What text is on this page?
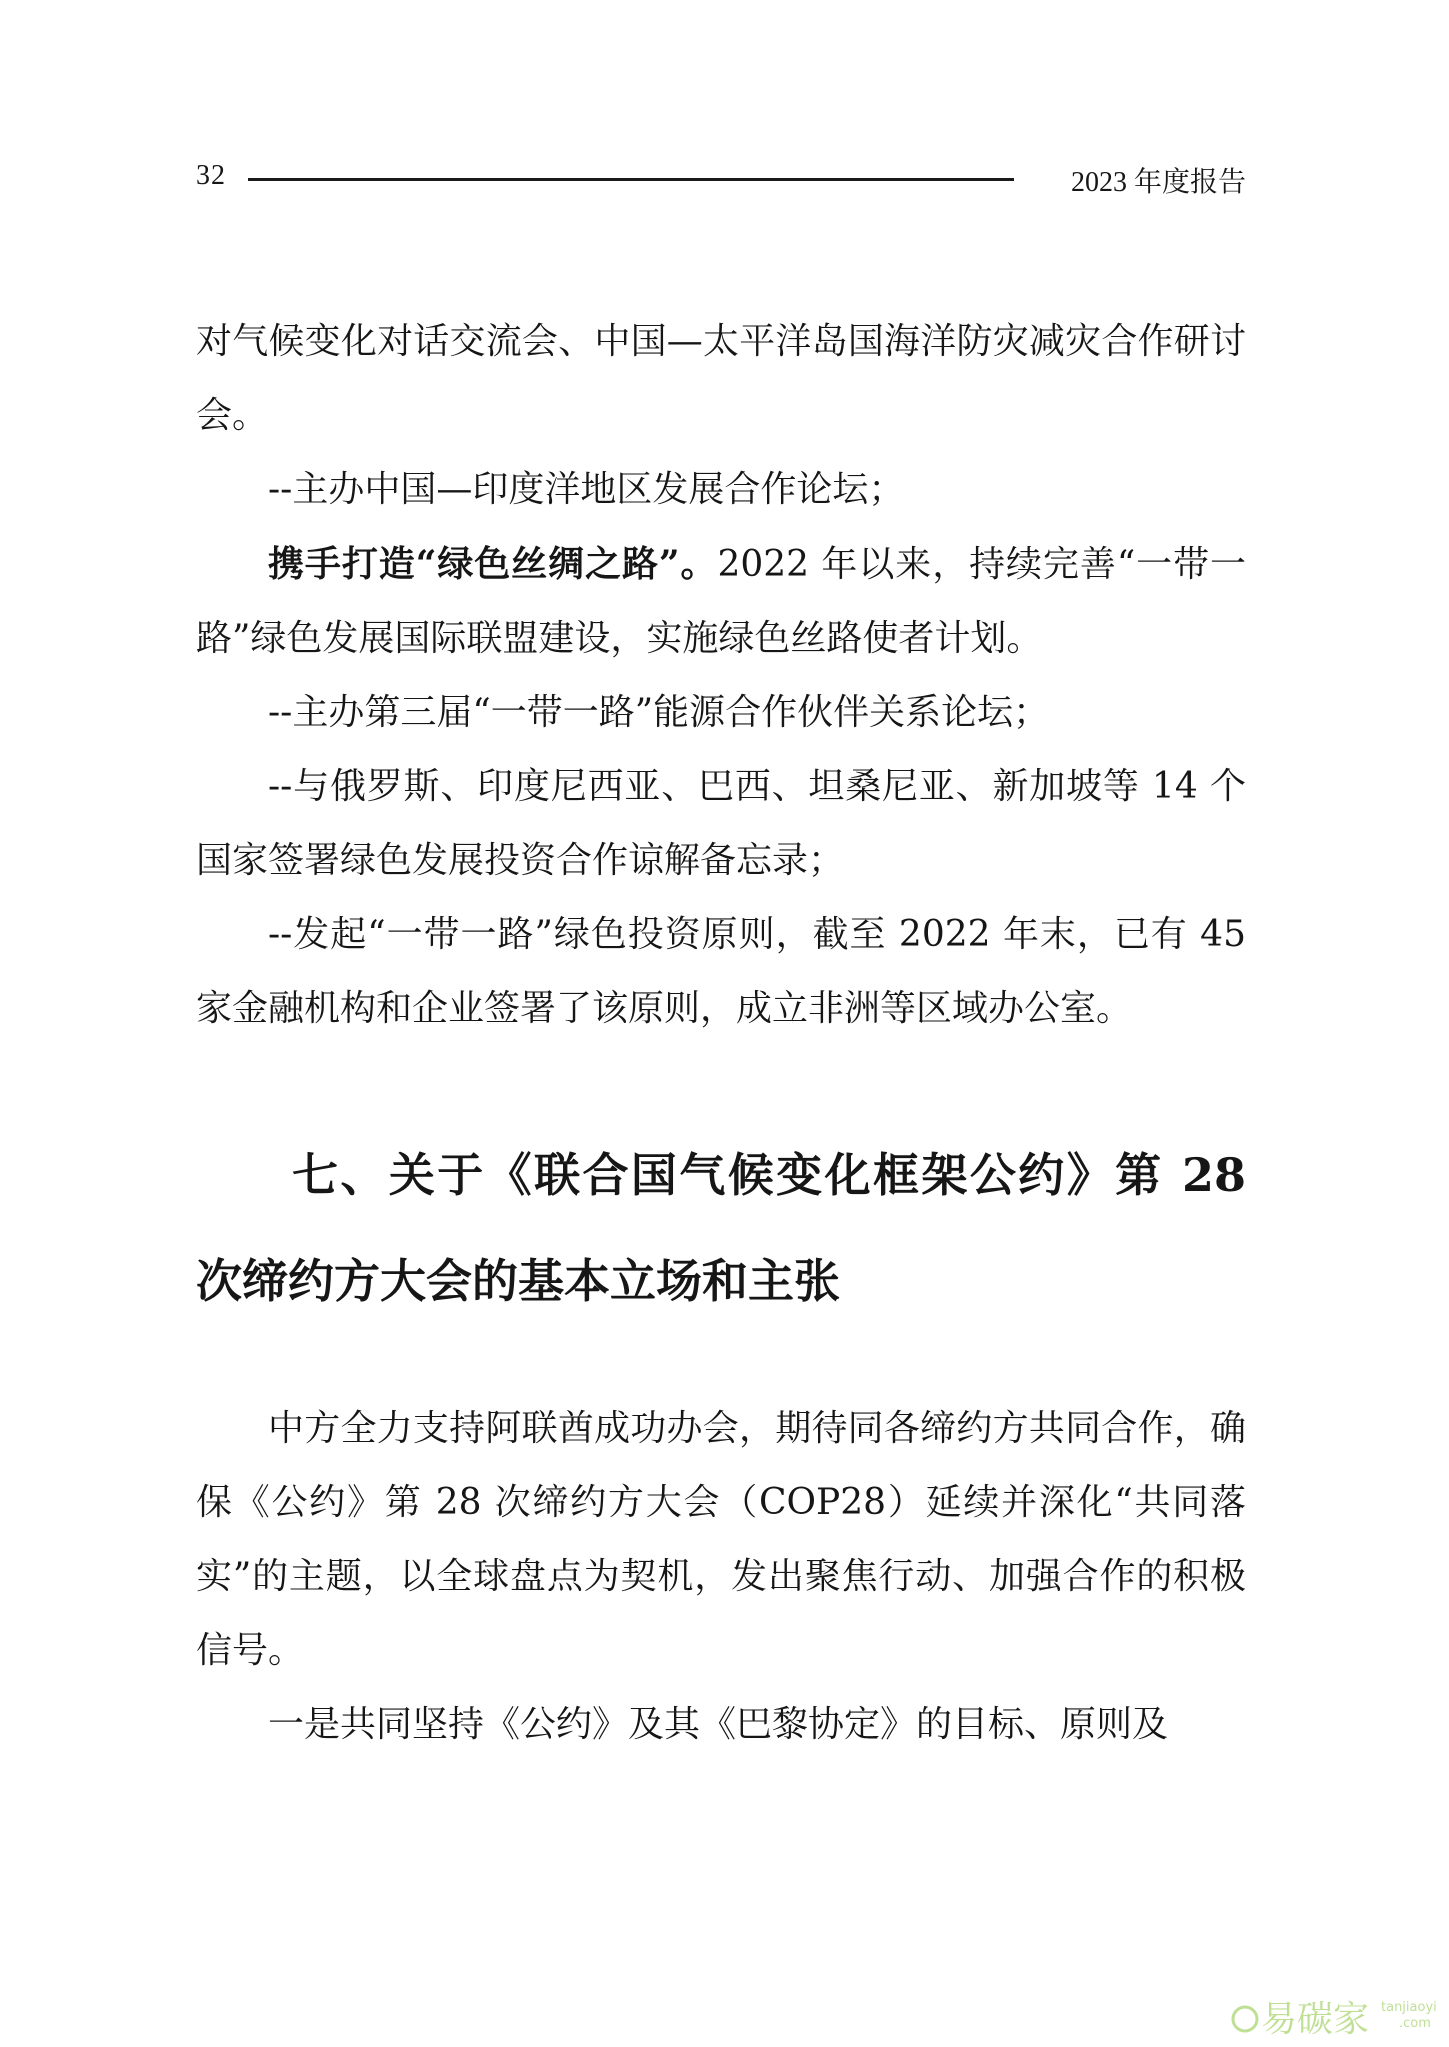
32	2023 年度报告

对气候变化对话交流会、中国—太平洋岛国海洋防灾减灾合作研讨会。

--主办中国—印度洋地区发展合作论坛；

携手打造“绿色丝绸之路”。2022 年以来，持续完善“一带一路”绿色发展国际联盟建设，实施绿色丝路使者计划。

--主办第三届“一带一路”能源合作伙伴关系论坛；

--与俄罗斯、印度尼西亚、巴西、坦桑尼亚、新加坡等 14 个国家签署绿色发展投资合作谅解备忘录；

--发起“一带一路”绿色投资原则，截至 2022 年末，已有 45 家金融机构和企业签署了该原则，成立非洲等区域办公室。

七、关于《联合国气候变化框架公约》第 28 次缔约方大会的基本立场和主张

中方全力支持阿联酋成功办会，期待同各缔约方共同合作，确保《公约》第 28 次缔约方大会（COP28）延续并深化“共同落实”的主题，以全球盘点为契机，发出聚焦行动、加强合作的积极信号。

一是共同坚持《公约》及其《巴黎协定》的目标、原则及

易碳家 tanjiaoyi
.com
